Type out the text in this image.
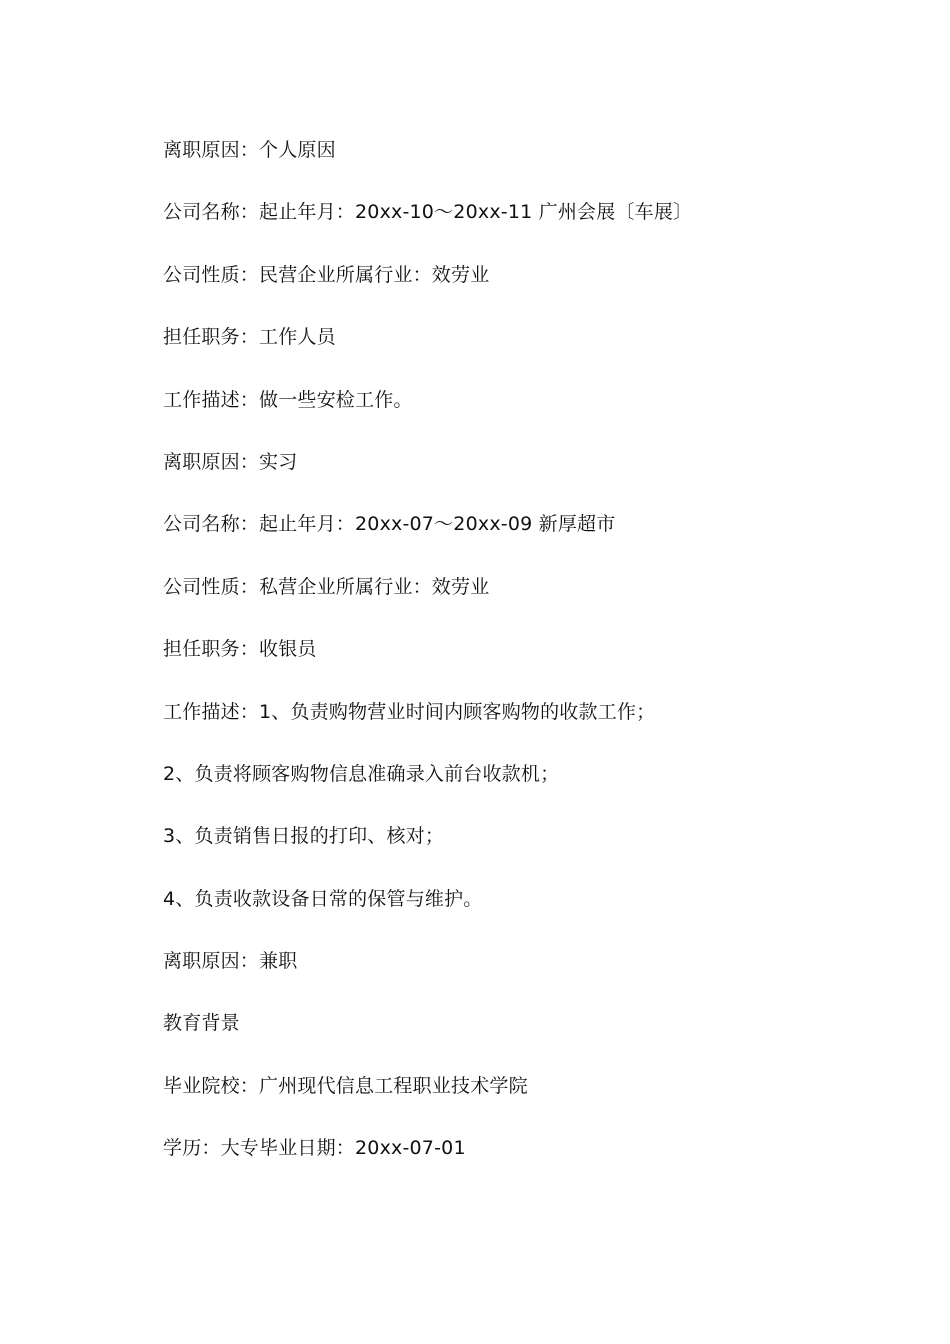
离职原因：个人原因
公司名称：起止年月：20xx-10～20xx-11 广州会展〔车展〕
公司性质：民营企业所属行业：效劳业
担任职务：工作人员
工作描述：做一些安检工作。
离职原因：实习
公司名称：起止年月：20xx-07～20xx-09 新厚超市
公司性质：私营企业所属行业：效劳业
担任职务：收银员
工作描述：1、负责购物营业时间内顾客购物的收款工作；
2、负责将顾客购物信息准确录入前台收款机；
3、负责销售日报的打印、核对；
4、负责收款设备日常的保管与维护。
离职原因：兼职
教育背景
毕业院校：广州现代信息工程职业技术学院
学历：大专毕业日期：20xx-07-01
